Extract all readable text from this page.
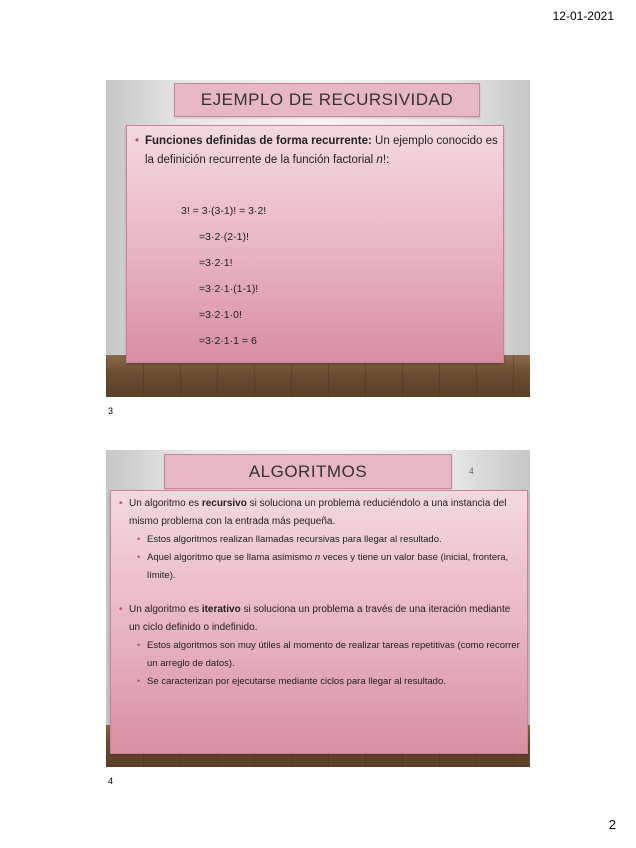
12-01-2021
EJEMPLO DE RECURSIVIDAD
• Funciones definidas de forma recurrente: Un ejemplo conocido es la definición recurrente de la función factorial n!:
3! = 3·(3-1)! = 3·2!
=3·2·(2-1)!
=3·2·1!
=3·2·1·(1-1)!
=3·2·1·0!
=3·2·1·1 = 6
3
4
ALGORITMOS
• Un algoritmo es recursivo si soluciona un problema reduciéndolo a una instancia del mismo problema con la entrada más pequeña.
• Estos algoritmos realizan llamadas recursivas para llegar al resultado.
• Aquel algoritmo que se llama asimismo n veces y tiene un valor base (inicial, frontera, límite).
• Un algoritmo es iterativo si soluciona un problema a través de una iteración mediante un ciclo definido o indefinido.
• Estos algoritmos son muy útiles al momento de realizar tareas repetitivas (como recorrer un arreglo de datos).
• Se caracterizan por ejecutarse mediante ciclos para llegar al resultado.
4
2
